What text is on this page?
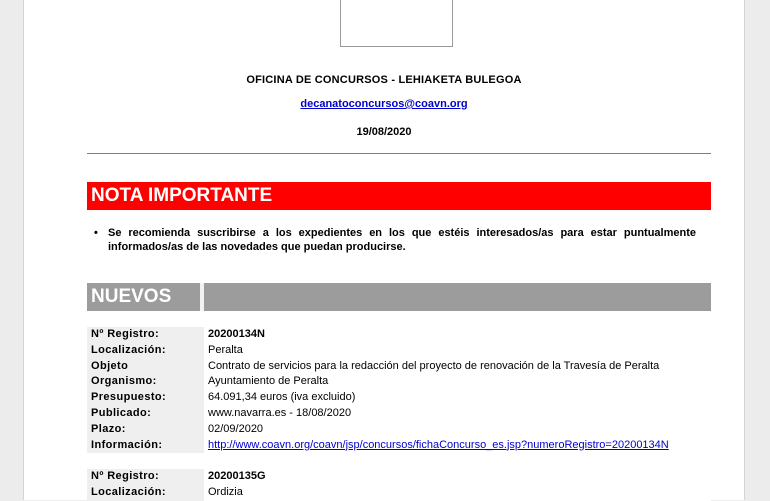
OFICINA DE CONCURSOS - LEHIAKETA BULEGOA
decanatoconcursos@coavn.org
19/08/2020
NOTA IMPORTANTE
• Se recomienda suscribirse a los expedientes en los que estéis interesados/as para estar puntualmente informados/as de las novedades que puedan producirse.
NUEVOS
Nº Registro:	20200134N
Localización:	Peralta
Objeto	Contrato de servicios para la redacción del proyecto de renovación de la Travesía de Peralta
Organismo:	Ayuntamiento de Peralta
Presupuesto:	64.091,34 euros (iva excluido)
Publicado:	www.navarra.es - 18/08/2020
Plazo:	02/09/2020
Información:	http://www.coavn.org/coavn/jsp/concursos/fichaConcurso_es.jsp?numeroRegistro=20200134N
Nº Registro:	20200135G
Localización:	Ordizia
